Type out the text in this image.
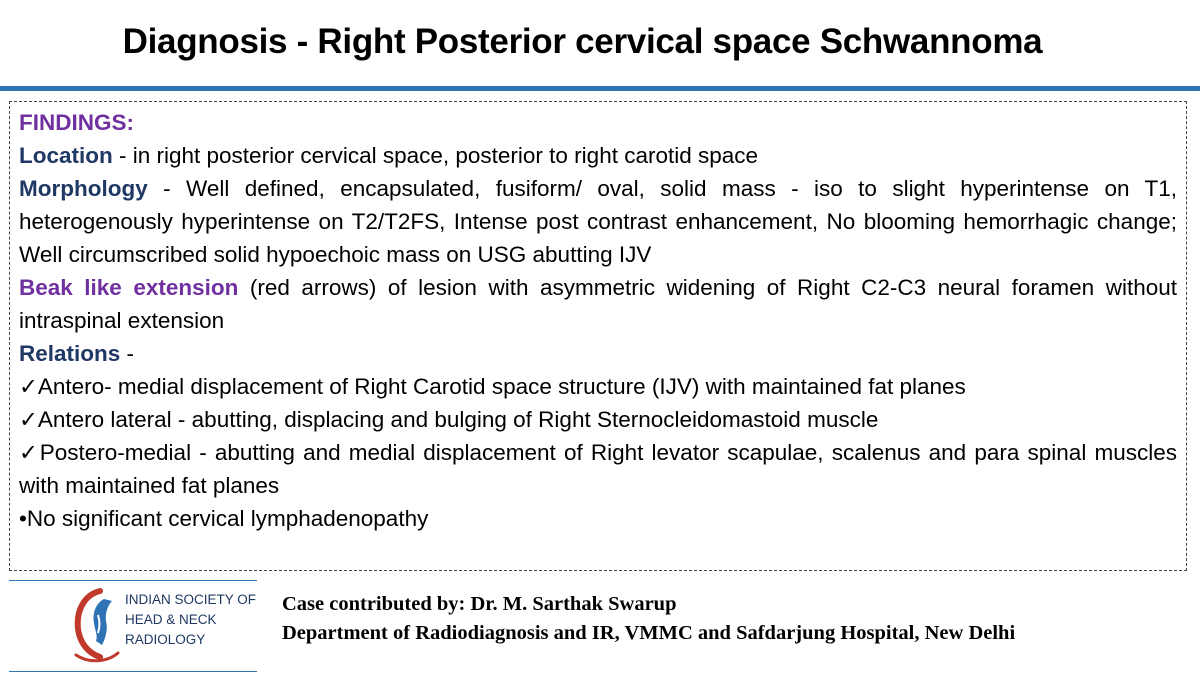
Diagnosis - Right Posterior cervical space Schwannoma
FINDINGS:
Location - in right posterior cervical space, posterior to right carotid space
Morphology - Well defined, encapsulated, fusiform/ oval, solid mass - iso to slight hyperintense on T1, heterogenously hyperintense on T2/T2FS, Intense post contrast enhancement, No blooming hemorrhagic change; Well circumscribed solid hypoechoic mass on USG abutting IJV
Beak like extension (red arrows) of lesion with asymmetric widening of Right C2-C3 neural foramen without intraspinal extension
Relations -
✓Antero- medial displacement of Right Carotid space structure (IJV) with maintained fat planes
✓Antero lateral - abutting, displacing and bulging of Right Sternocleidomastoid muscle
✓Postero-medial - abutting and medial displacement of Right levator scapulae, scalenus and para spinal muscles with maintained fat planes
•No significant cervical lymphadenopathy
INDIAN SOCIETY OF
HEAD & NECK
RADIOLOGY
Case contributed by: Dr. M. Sarthak Swarup
Department of Radiodiagnosis and IR, VMMC and Safdarjung Hospital, New Delhi
